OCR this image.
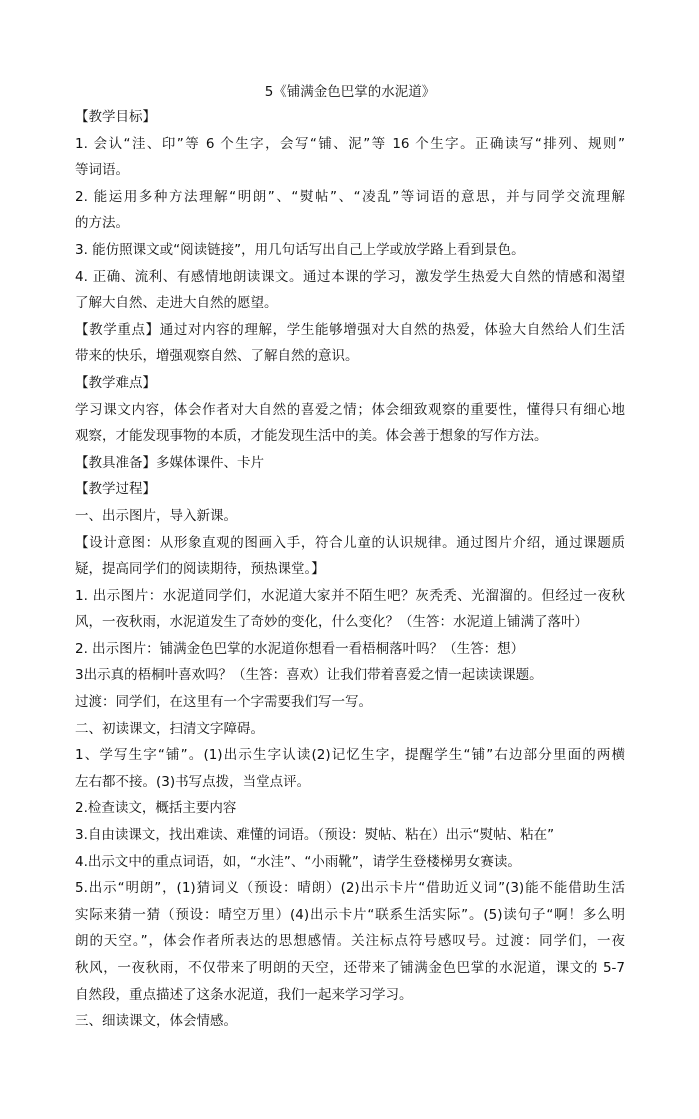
5《铺满金色巴掌的水泥道》
【教学目标】
1. 会认“洼、印”等 6 个生字，会写“铺、泥”等 16 个生字。正确读写“排列、规则”
等词语。
2. 能运用多种方法理解“明朗”、“熨帖”、“凌乱”等词语的意思，并与同学交流理解
的方法。
3. 能仿照课文或“阅读链接”，用几句话写出自己上学或放学路上看到景色。
4. 正确、流利、有感情地朗读课文。通过本课的学习，激发学生热爱大自然的情感和渴望
了解大自然、走进大自然的愿望。
【教学重点】通过对内容的理解，学生能够增强对大自然的热爱，体验大自然给人们生活
带来的快乐，增强观察自然、了解自然的意识。
【教学难点】
学习课文内容，体会作者对大自然的喜爱之情；体会细致观察的重要性，懂得只有细心地
观察，才能发现事物的本质，才能发现生活中的美。体会善于想象的写作方法。
【教具准备】多媒体课件、卡片
【教学过程】
一、出示图片，导入新课。
【设计意图：从形象直观的图画入手，符合儿童的认识规律。通过图片介绍，通过课题质
疑，提高同学们的阅读期待，预热课堂。】
1. 出示图片：水泥道同学们，水泥道大家并不陌生吧？灰秃秃、光溜溜的。但经过一夜秋
风，一夜秋雨，水泥道发生了奇妙的变化，什么变化？（生答：水泥道上铺满了落叶）
2. 出示图片：铺满金色巴掌的水泥道你想看一看梧桐落叶吗？（生答：想）
3出示真的梧桐叶喜欢吗？（生答：喜欢）让我们带着喜爱之情一起读读课题。
过渡：同学们，在这里有一个字需要我们写一写。
二、初读课文，扫清文字障碍。
1、学写生字“铺”。(1)出示生字认读(2)记忆生字，提醒学生“铺”右边部分里面的两横
左右都不接。(3)书写点拨，当堂点评。
2.检查读文，概括主要内容
3.自由读课文，找出难读、难懂的词语。（预设：熨帖、粘在）出示“熨帖、粘在”
4.出示文中的重点词语，如，“水洼”、“小雨靴”，请学生登楼梯男女赛读。
5.出示“明朗”，(1)猜词义（预设：晴朗）(2)出示卡片“借助近义词”(3)能不能借助生活
实际来猜一猜（预设：晴空万里）(4)出示卡片“联系生活实际”。(5)读句子“啊！多么明
朗的天空。”，体会作者所表达的思想感情。关注标点符号感叹号。过渡：同学们，一夜
秋风，一夜秋雨，不仅带来了明朗的天空，还带来了铺满金色巴掌的水泥道，课文的 5-7
自然段，重点描述了这条水泥道，我们一起来学习学习。
三、细读课文，体会情感。
